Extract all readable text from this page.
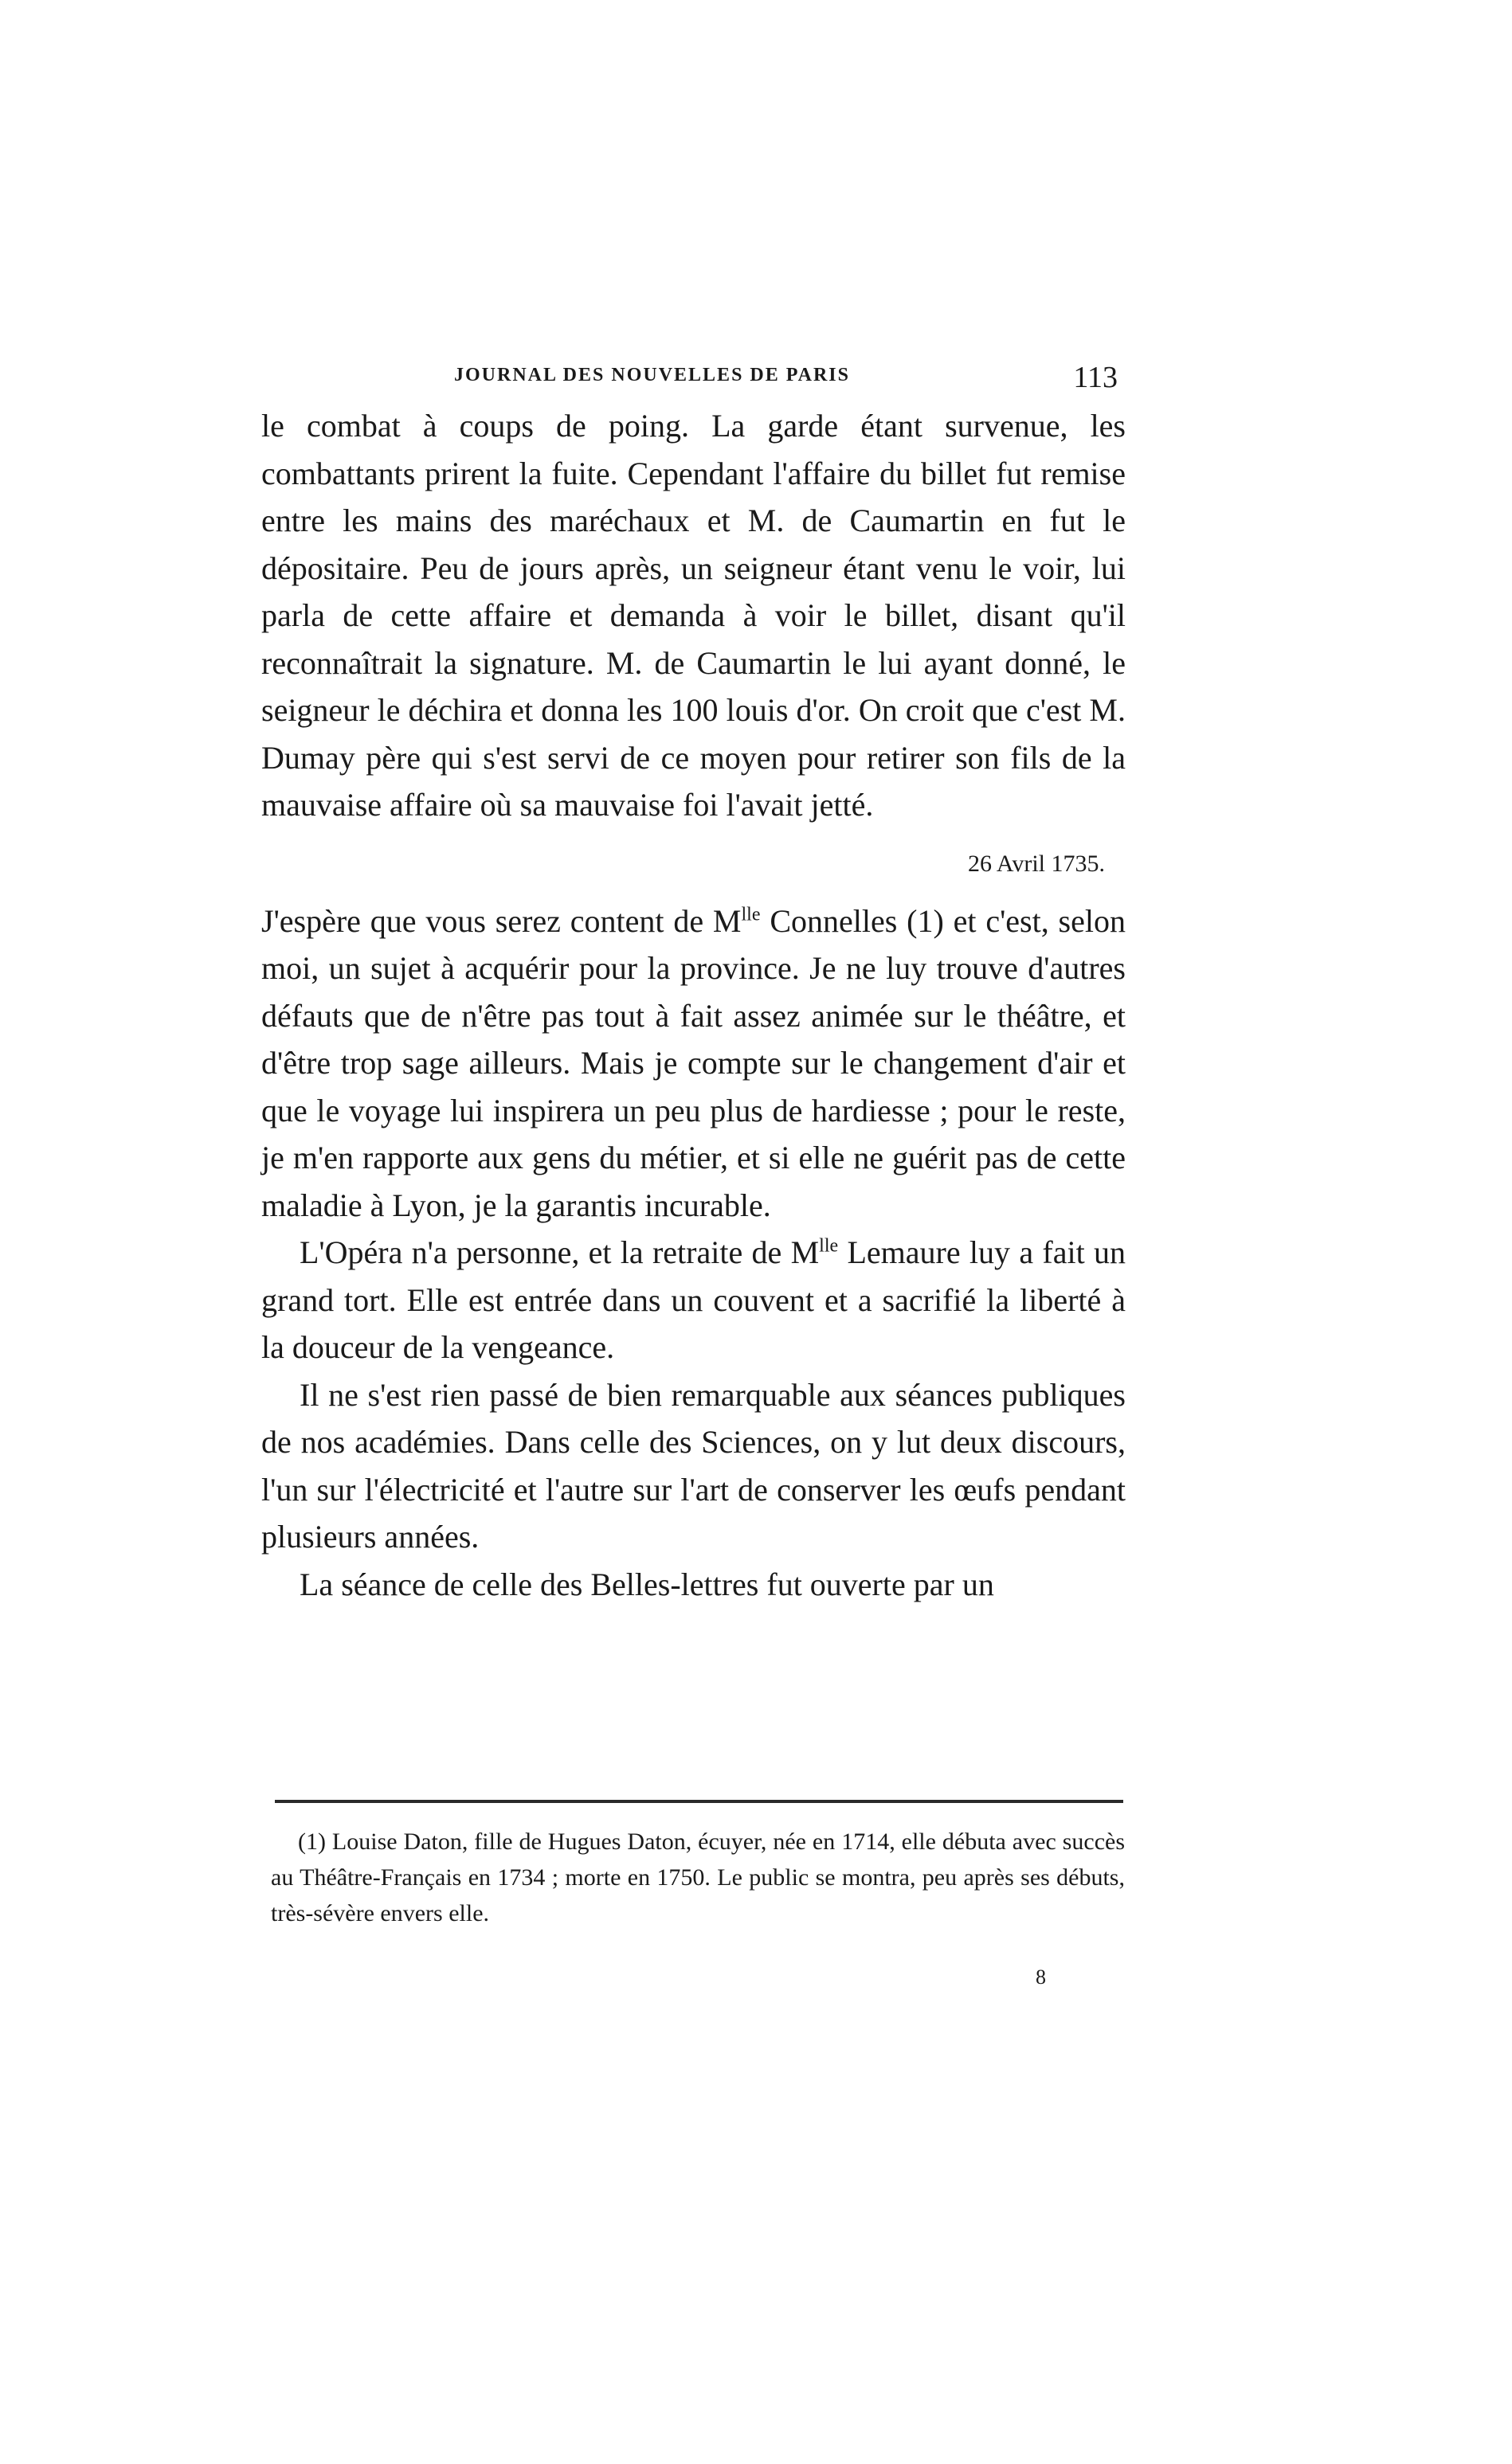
JOURNAL DES NOUVELLES DE PARIS	113

le combat à coups de poing. La garde étant survenue, les combattants prirent la fuite. Cependant l'affaire du billet fut remise entre les mains des maréchaux et M. de Caumartin en fut le dépositaire. Peu de jours après, un seigneur étant venu le voir, lui parla de cette affaire et demanda à voir le billet, disant qu'il reconnaîtrait la signature. M. de Caumartin le lui ayant donné, le seigneur le déchira et donna les 100 louis d'or. On croit que c'est M. Dumay père qui s'est servi de ce moyen pour retirer son fils de la mauvaise affaire où sa mauvaise foi l'avait jetté.

26 Avril 1735.

J'espère que vous serez content de $M^{lle}$ Connelles (1) et c'est, selon moi, un sujet à acquérir pour la province. Je ne luy trouve d'autres défauts que de n'être pas tout à fait assez animée sur le théâtre, et d'être trop sage ailleurs. Mais je compte sur le changement d'air et que le voyage lui inspirera un peu plus de hardiesse ; pour le reste, je m'en rapporte aux gens du métier, et si elle ne guérit pas de cette maladie à Lyon, je la garantis incurable.

L'Opéra n'a personne, et la retraite de $M^{lle}$ Lemaure luy a fait un grand tort. Elle est entrée dans un couvent et a sacrifié la liberté à la douceur de la vengeance.

Il ne s'est rien passé de bien remarquable aux séances publiques de nos académies. Dans celle des Sciences, on y lut deux discours, l'un sur l'électricité et l'autre sur l'art de conserver les œufs pendant plusieurs années.

La séance de celle des Belles-lettres fut ouverte par un

(1) Louise Daton, fille de Hugues Daton, écuyer, née en 1714, elle débuta avec succès au Théâtre-Français en 1734 ; morte en 1750. Le public se montra, peu après ses débuts, très-sévère envers elle.

8
